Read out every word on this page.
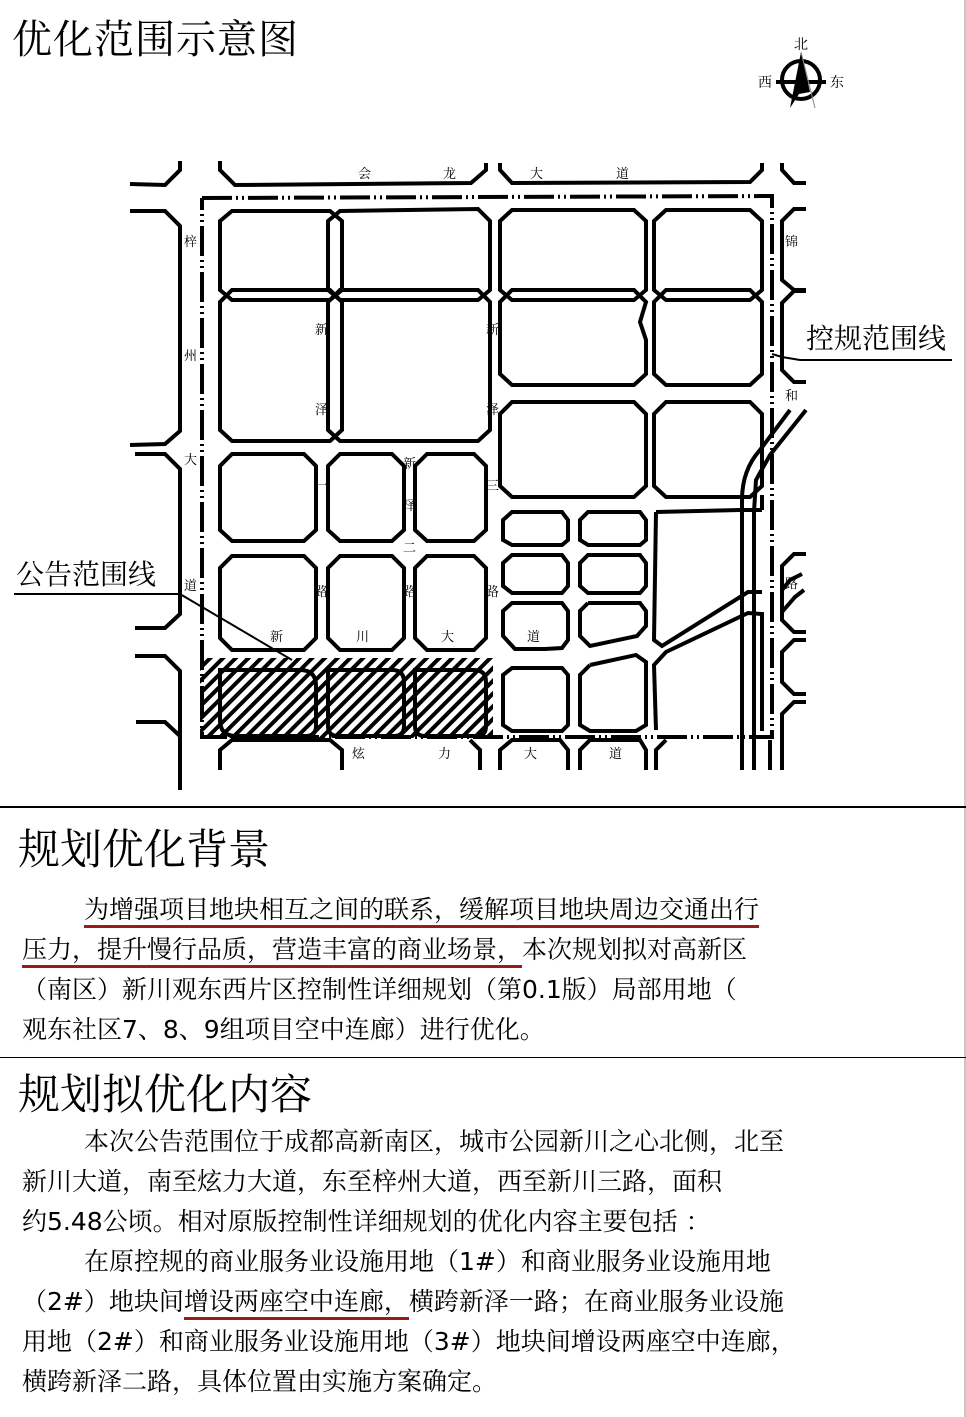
优化范围示意图	北
西	东
控规范围线
公告范围线
会	龙	大	道
梓
州
大
道
新
泽
一
路
新
泽
二
路
新
泽
三
路
新	川	大	道
炫	力	大	道
锦
和
路
规划优化背景
为增强项目地块相互之间的联系，缓解项目地块周边交通出行
压力，提升慢行品质，营造丰富的商业场景，本次规划拟对高新区
（南区）新川观东西片区控制性详细规划（第0.1版）局部用地（
观东社区7、8、9组项目空中连廊）进行优化。
规划拟优化内容
本次公告范围位于成都高新南区，城市公园新川之心北侧，北至
新川大道，南至炫力大道，东至梓州大道，西至新川三路，面积
约5.48公顷。相对原版控制性详细规划的优化内容主要包括 ：
在原控规的商业服务业设施用地（1#）和商业服务业设施用地
（2#）地块间增设两座空中连廊，横跨新泽一路；在商业服务业设施
用地（2#）和商业服务业设施用地（3#）地块间增设两座空中连廊，
横跨新泽二路，具体位置由实施方案确定。
